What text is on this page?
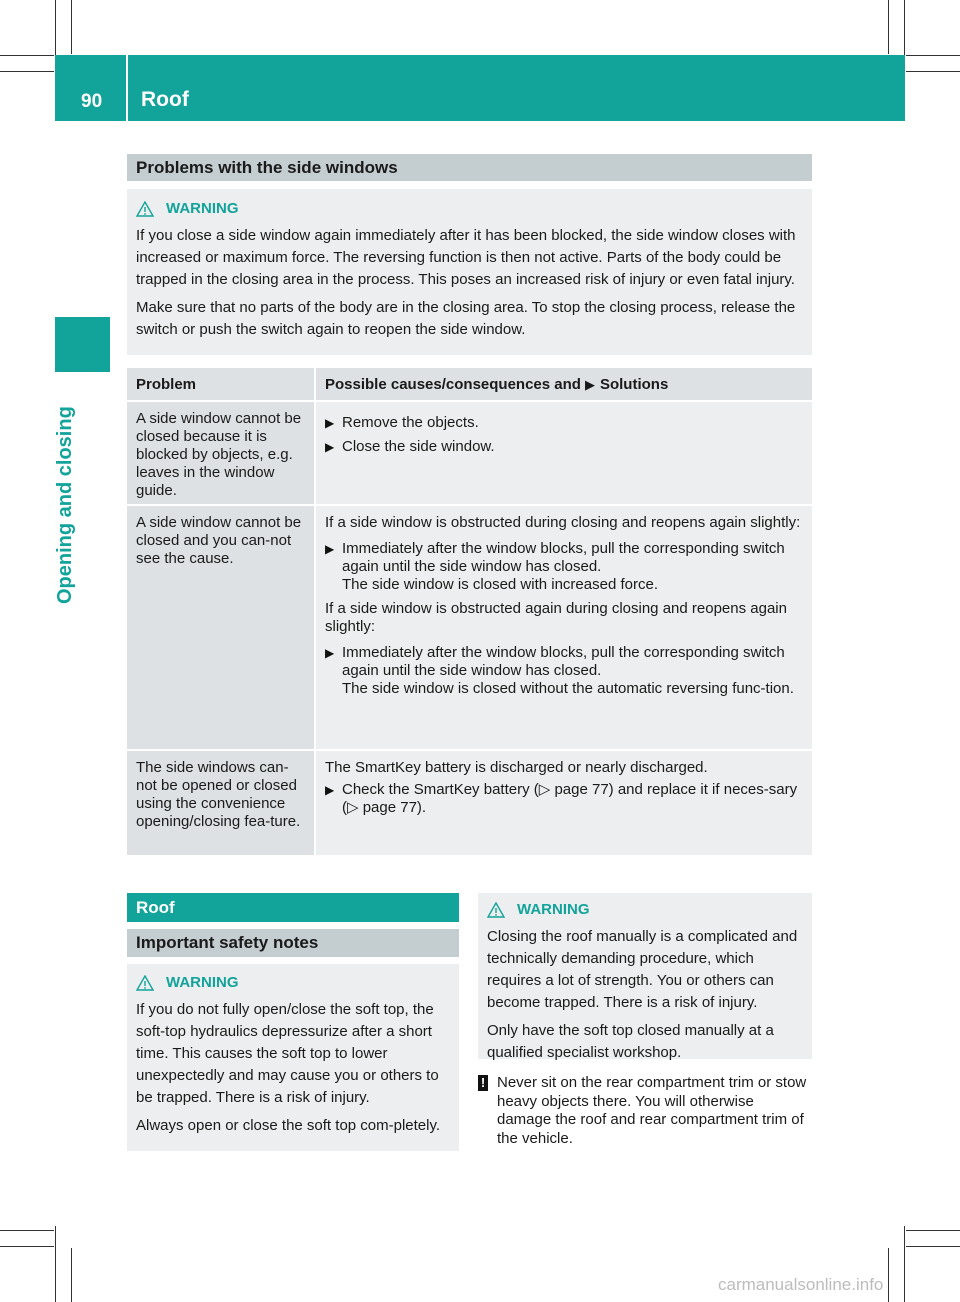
90 Roof
Opening and closing
Problems with the side windows
WARNING

If you close a side window again immediately after it has been blocked, the side window closes with increased or maximum force. The reversing function is then not active. Parts of the body could be trapped in the closing area in the process. This poses an increased risk of injury or even fatal injury.

Make sure that no parts of the body are in the closing area. To stop the closing process, release the switch or push the switch again to reopen the side window.

Problem	Possible causes/consequences and ▶ Solutions
A side window cannot be closed because it is blocked by objects, e.g. leaves in the window guide.
▶ Remove the objects.
▶ Close the side window.
A side window cannot be closed and you can-not see the cause.
If a side window is obstructed during closing and reopens again slightly:
▶ Immediately after the window blocks, pull the corresponding switch again until the side window has closed.
The side window is closed with increased force.
If a side window is obstructed again during closing and reopens again slightly:
▶ Immediately after the window blocks, pull the corresponding switch again until the side window has closed.
The side window is closed without the automatic reversing func-tion.
The side windows can-not be opened or closed using the convenience opening/closing fea-ture.
The SmartKey battery is discharged or nearly discharged.
▶ Check the SmartKey battery (▷ page 77) and replace it if neces-sary (▷ page 77).
Roof
Important safety notes
WARNING

If you do not fully open/close the soft top, the soft-top hydraulics depressurize after a short time. This causes the soft top to lower unexpectedly and may cause you or others to be trapped. There is a risk of injury.

Always open or close the soft top com-pletely.

WARNING

Closing the roof manually is a complicated and technically demanding procedure, which requires a lot of strength. You or others can become trapped. There is a risk of injury.

Only have the soft top closed manually at a qualified specialist workshop.

! Never sit on the rear compartment trim or stow heavy objects there. You will otherwise damage the roof and rear compartment trim of the vehicle.
carmanualsonline.info
